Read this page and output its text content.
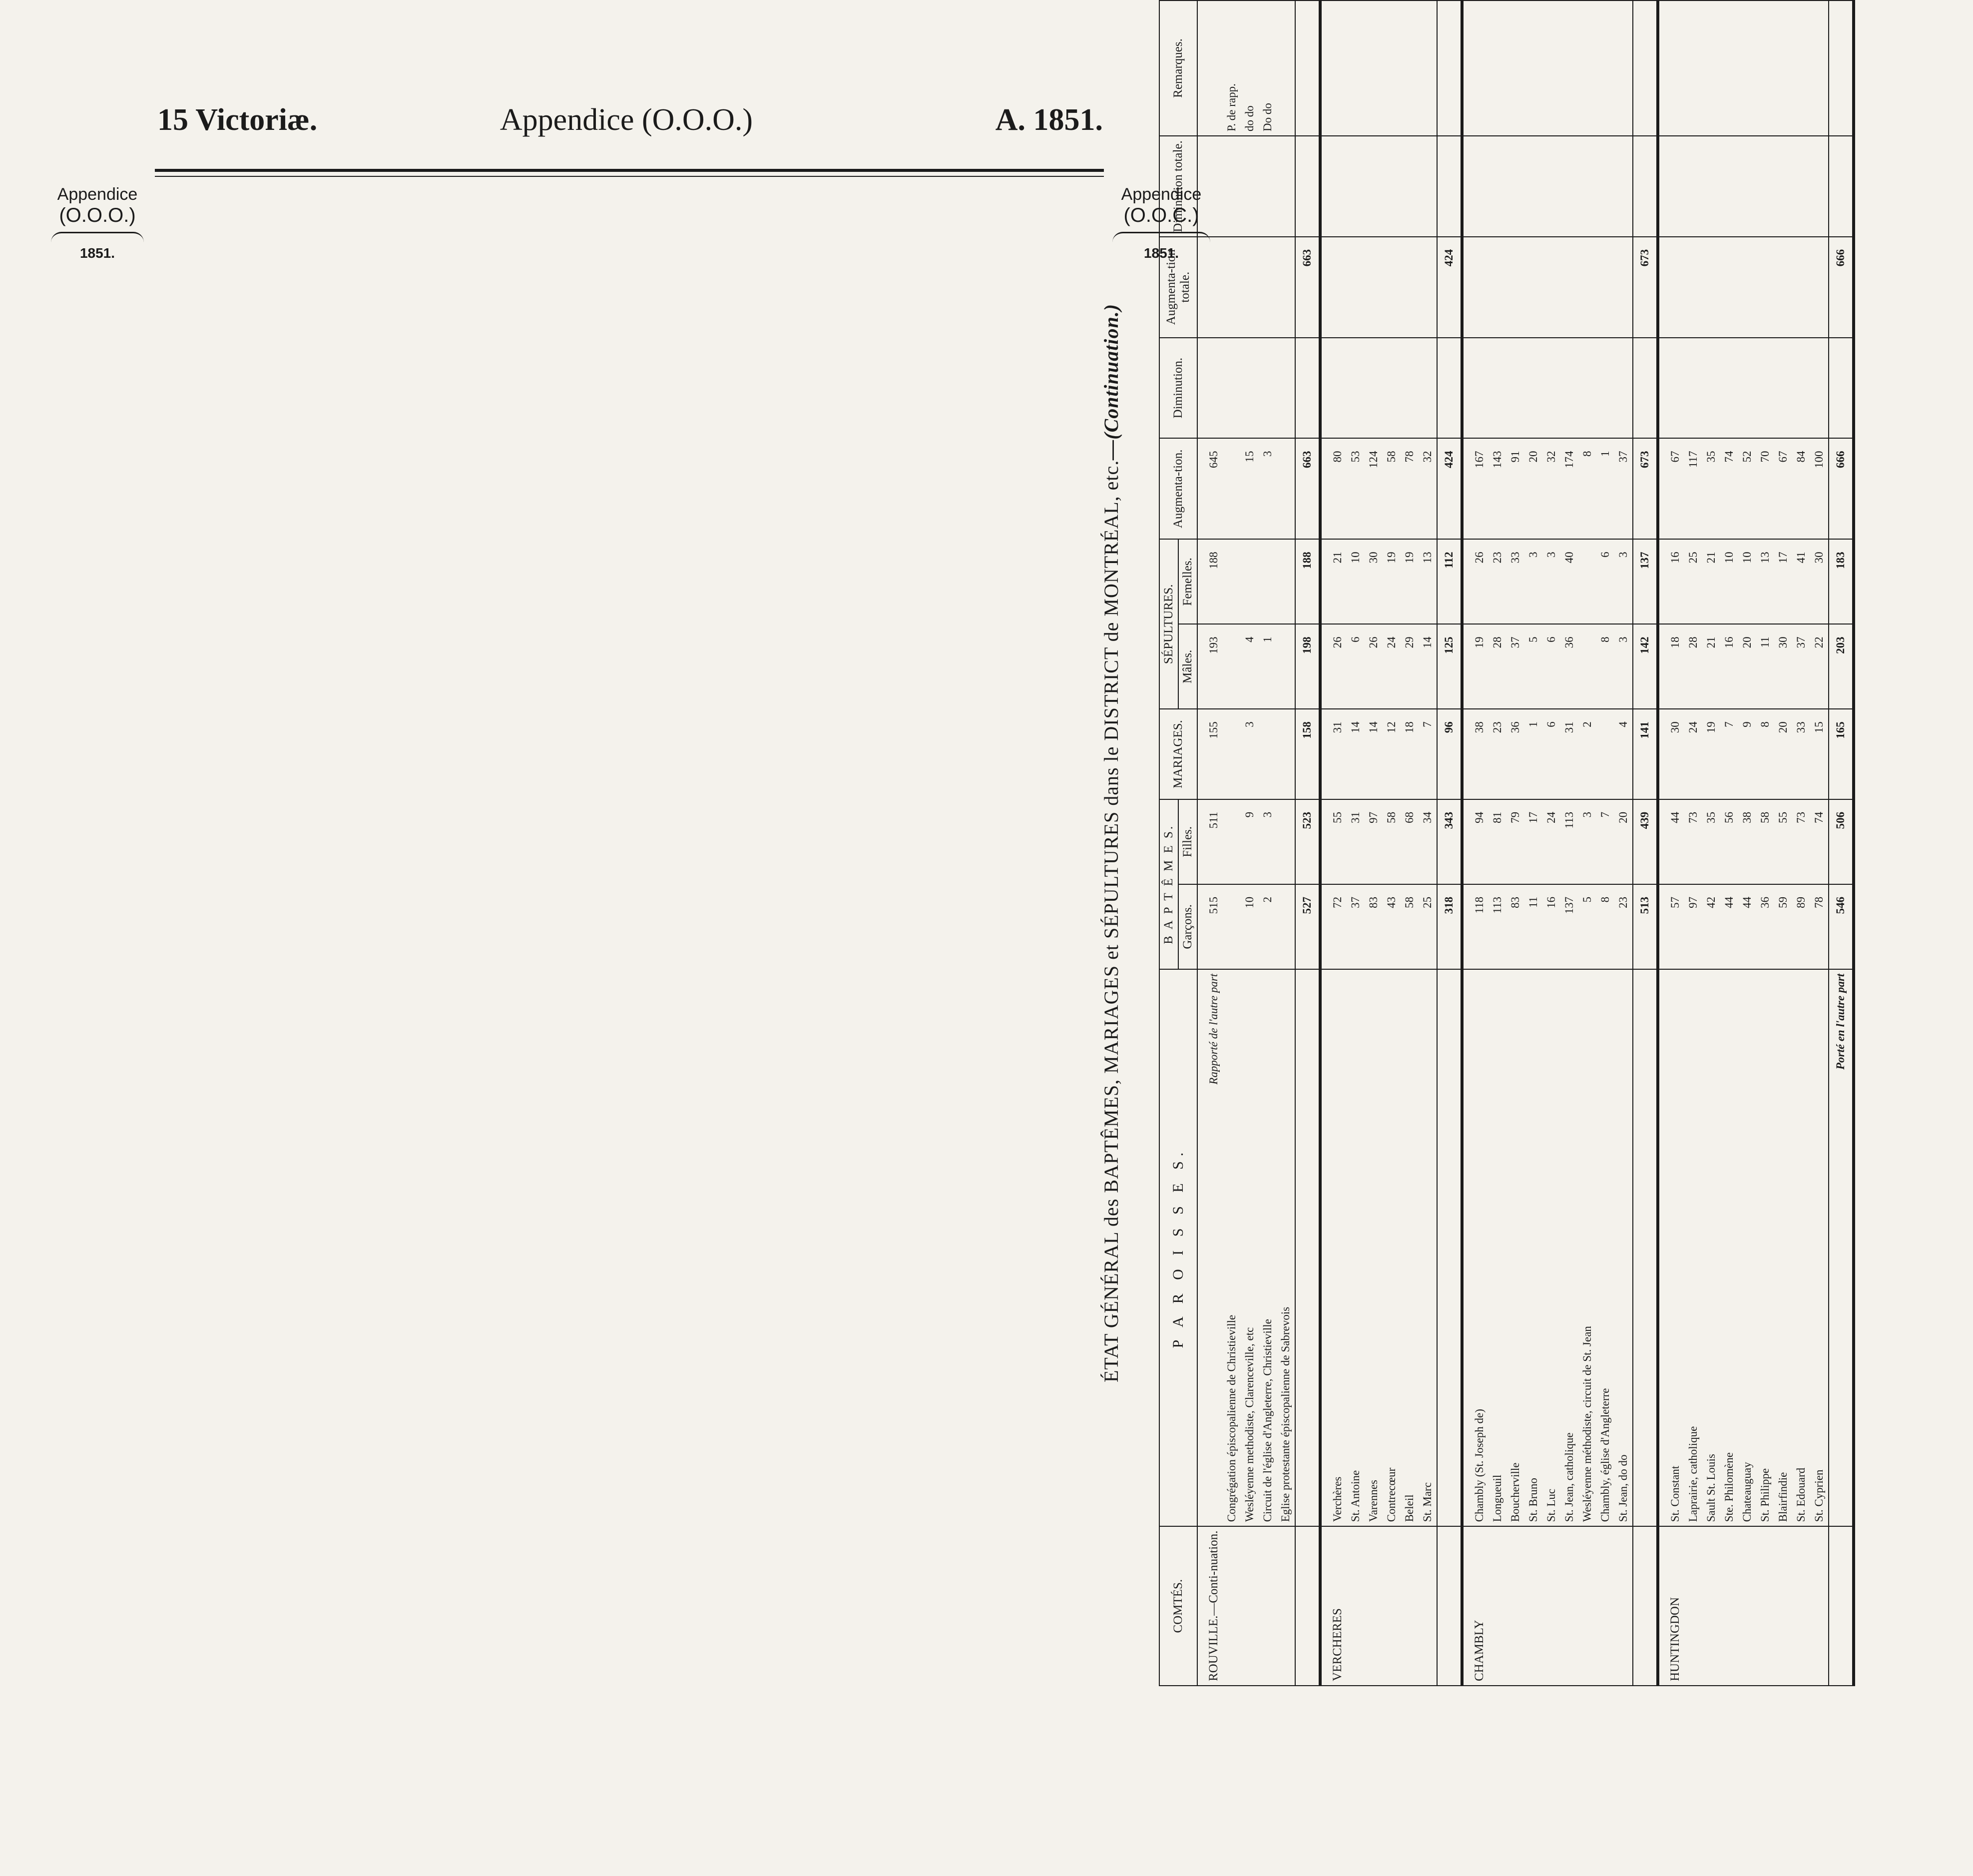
15 Victoriæ.	Appendice (O.O.O.)	A. 1851.
Appendice
(O.O.O.)
1851.
Appendice
(O.O.C.)
1851.
ÉTAT GÉNÉRAL des BAPTÊMES, MARIAGES et SÉPULTURES dans le DISTRICT de MONTRÉAL, etc.—(Continuation.)
COMTÉS.	P A R O I S S E S.	B A P T Ê M E S.		MARIAGES.	SÉPULTURES.		Augmenta-tion.	Diminution.	Augmenta-tion totale.	Diminution totale.	Remarques.
		Garçons.	Filles.		Mâles.	Femelles.					
ROUVILLE.—Conti-nuation.	Rapporté de l'autre part	515	511	155	193	188	645				
	Congrégation épiscopalienne de Christieville										P. de rapp.
	Wesléyenne methodiste, Clarenceville, etc	10	9	3	4		15				do do
	Circuit de l'église d'Angleterre, Christieville	2	3		1		3				Do do
	Eglise protestante épiscopalienne de Sabrevois										
		527	523	158	198	188	663		663		
VERCHERES	Verchères	72	55	31	26	21	80				
	St. Antoine	37	31	14	6	10	53				
	Varennes	83	97	14	26	30	124				
	Contrecœur	43	58	12	24	19	58				
	Beleil	58	68	18	29	19	78				
	St. Marc	25	34	7	14	13	32				
		318	343	96	125	112	424		424		
CHAMBLY	Chambly (St. Joseph de)	118	94	38	19	26	167				
	Longueuil	113	81	23	28	23	143				
	Boucherville	83	79	36	37	33	91				
	St. Bruno	11	17	1	5	3	20				
	St. Luc	16	24	6	6	3	32				
	St. Jean, catholique	137	113	31	36	40	174				
	Wesléyenne méthodiste, circuit de St. Jean	5	3	2			8				
	Chambly, église d'Angleterre	8	7		8	6	1				
	St. Jean, do do	23	20	4	3	3	37				
		513	439	141	142	137	673		673		
HUNTINGDON	St. Constant	57	44	30	18	16	67				
	Laprairie, catholique	97	73	24	28	25	117				
	Sault St. Louis	42	35	19	21	21	35				
	Ste. Philomène	44	56	7	16	10	74				
	Chateauguay	44	38	9	20	10	52				
	St. Philippe	36	58	8	11	13	70				
	Blairfindie	59	55	20	30	17	67				
	St. Edouard	89	73	33	37	41	84				
	St. Cyprien	78	74	15	22	30	100				
	Porté en l'autre part	546	506	165	203	183	666		666		
